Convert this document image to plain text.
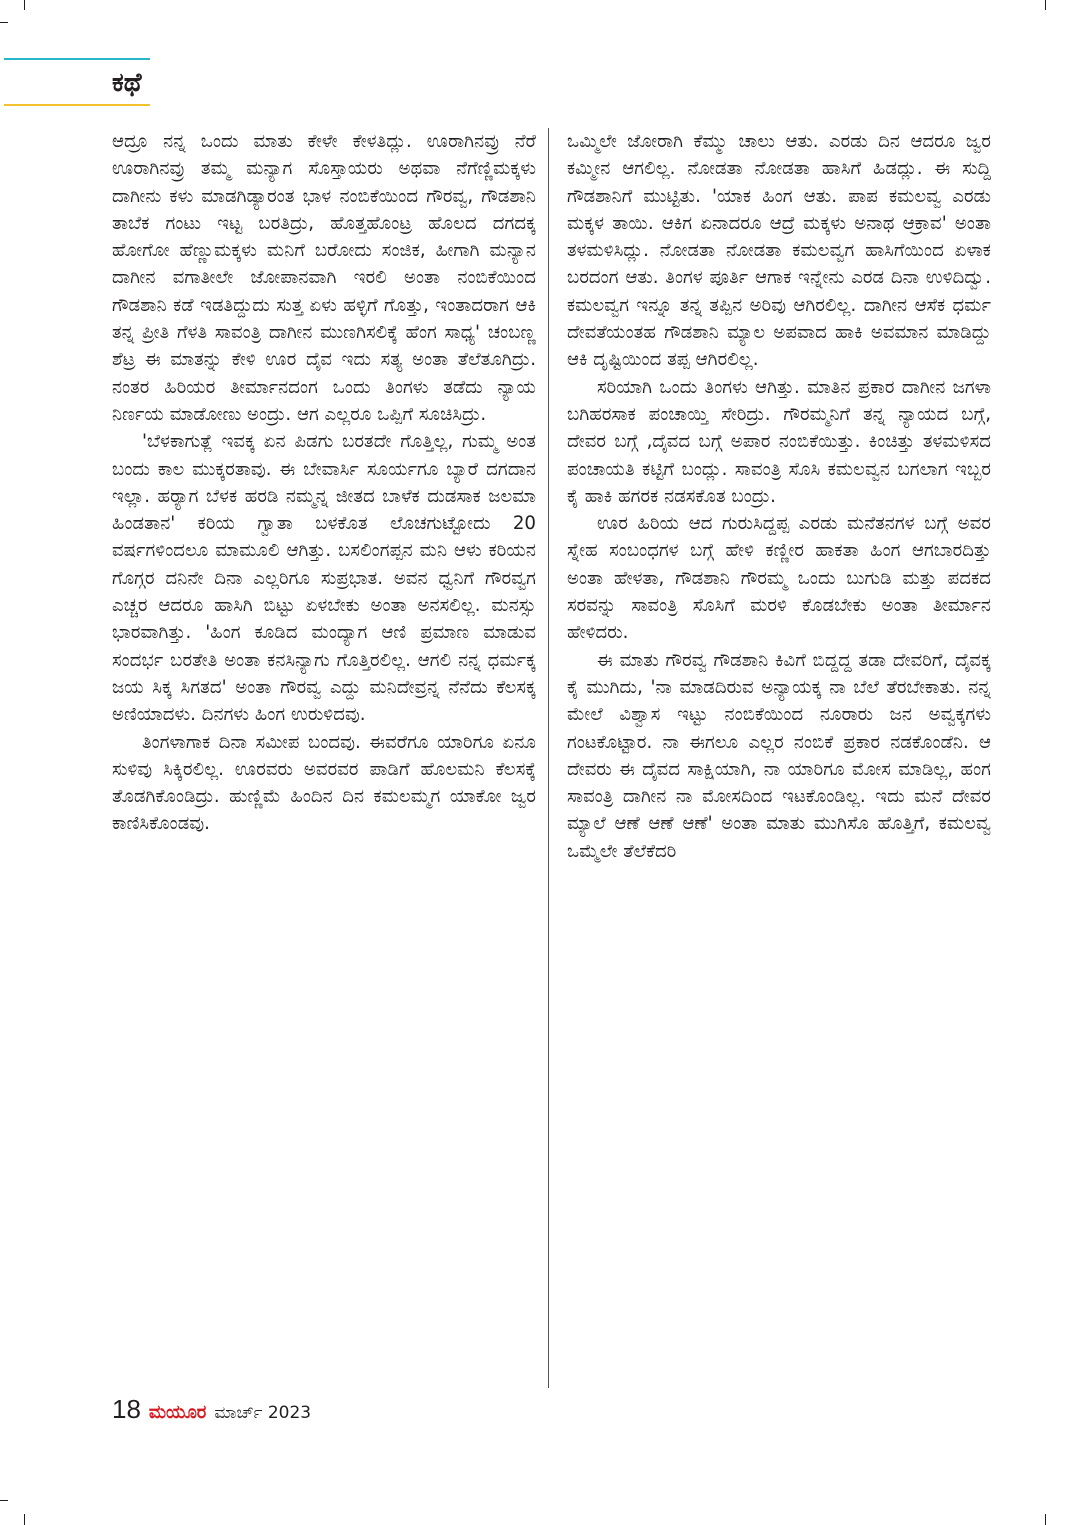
ಕಥೆ

ಆದ್ರೂ ನನ್ನ ಒಂದು ಮಾತು ಕೇಳೇ ಕೇಳತಿದ್ಲು. ಊರಾಗಿನವ್ರು ನೆರೆ ಊರಾಗಿನವ್ರು ತಮ್ಮ ಮನ್ಯಾಗ ಸೊಸ್ತಾಯರು ಅಥವಾ ನೆಗೆಣ್ಣಿಮಕ್ಕಳು ದಾಗೀನು ಕಳು ಮಾಡಗಿಡ್ಯಾರಂತ ಭಾಳ ನಂಬಿಕೆಯಿಂದ ಗೌರವ್ವ, ಗೌಡಶಾನಿ ತಾಬೆಕ ಗಂಟು ಇಟ್ಟ ಬರತಿದ್ರು, ಹೊತ್ತಹೊಂಟ್ರ ಹೊಲದ ದಗದಕ್ಕ ಹೋಗೋ ಹೆಣ್ಣುಮಕ್ಕಳು ಮನಿಗೆ ಬರೋದು ಸಂಜಿಕ, ಹೀಗಾಗಿ ಮನ್ಯಾನ ದಾಗೀನ ವಗಾತೀಲೇ ಜೋಪಾನವಾಗಿ ಇರಲಿ ಅಂತಾ ನಂಬಿಕೆಯಿಂದ ಗೌಡಶಾನಿ ಕಡೆ ಇಡತಿದ್ದುದು ಸುತ್ತ ಏಳು ಹಳ್ಳಿಗೆ ಗೊತ್ತು, ಇಂತಾದರಾಗ ಆಕಿ ತನ್ನ ಪ್ರೀತಿ ಗೆಳತಿ ಸಾವಂತ್ರಿ ದಾಗೀನ ಮುಣಗಿಸಲಿಕ್ಕೆ ಹೆಂಗ ಸಾಧ್ಯ' ಚಂಬಣ್ಣ ಶೆಟ್ರ ಈ ಮಾತನ್ನು ಕೇಳಿ ಊರ ದೈವ ಇದು ಸತ್ಯ ಅಂತಾ ತೆಲೆತೂಗಿದ್ರು. ನಂತರ ಹಿರಿಯರ ತೀರ್ಮಾನದಂಗ ಒಂದು ತಿಂಗಳು ತಡೆದು ನ್ಯಾಯ ನಿರ್ಣಯ ಮಾಡೋಣು ಅಂದ್ರು. ಆಗ ಎಲ್ಲರೂ ಒಪ್ಪಿಗೆ ಸೂಚಿಸಿದ್ರು.

'ಬೆಳಕಾಗುತ್ಲೆ ಇವಕ್ಕ ಏನ ಪಿಡಗು ಬರತದೇ ಗೊತ್ತಿಲ್ಲ, ಗುಮ್ಮ ಅಂತ ಬಂದು ಕಾಲ ಮುಕ್ಕರತಾವು. ಈ ಬೇವಾರ್ಸಿ ಸೂರ್ಯಗೂ ಬ್ಯಾರೆ ದಗದಾನ ಇಲ್ಲಾ. ಹರ್‍ಯಾಗ ಬೆಳಕ ಹರಡಿ ನಮ್ಮನ್ನ ಜೀತದ ಬಾಳೆಕ ದುಡಸಾಕ ಜಲಮಾ ಹಿಂಡತಾನ' ಕರಿಯ ಗ್ವಾತಾ ಬಳಕೊತ ಲೊಚಗುಟ್ಟೋದು 20 ವರ್ಷಗಳಿಂದಲೂ ಮಾಮೂಲಿ ಆಗಿತ್ತು. ಬಸಲಿಂಗಪ್ಪನ ಮನಿ ಆಳು ಕರಿಯನ ಗೊಗ್ಗರ ದನಿನೇ ದಿನಾ ಎಲ್ಲರಿಗೂ ಸುಪ್ರಭಾತ. ಅವನ ಧ್ವನಿಗೆ ಗೌರವ್ವಗ ಎಚ್ಚರ ಆದರೂ ಹಾಸಿಗಿ ಬಿಟ್ಟು ಏಳಬೇಕು ಅಂತಾ ಅನಸಲಿಲ್ಲ. ಮನಸ್ಸು ಭಾರವಾಗಿತ್ತು. 'ಹಿಂಗ ಕೂಡಿದ ಮಂದ್ಯಾಗ ಆಣಿ ಪ್ರಮಾಣ ಮಾಡುವ ಸಂದರ್ಭ ಬರತೇತಿ ಅಂತಾ ಕನಸಿನ್ಯಾಗು ಗೊತ್ತಿರಲಿಲ್ಲ. ಆಗಲಿ ನನ್ನ ಧರ್ಮಕ್ಕ ಜಯ ಸಿಕ್ಕ ಸಿಗತದ' ಅಂತಾ ಗೌರವ್ವ ಎದ್ದು ಮನಿದೇವ್ರನ್ನ ನೆನೆದು ಕೆಲಸಕ್ಕ ಅಣಿಯಾದಳು. ದಿನಗಳು ಹಿಂಗ ಉರುಳಿದವು.

ತಿಂಗಳಾಗಾಕ ದಿನಾ ಸಮೀಪ ಬಂದವು. ಈವರೆಗೂ ಯಾರಿಗೂ ಏನೂ ಸುಳಿವು ಸಿಕ್ಕಿರಲಿಲ್ಲ. ಊರವರು ಅವರವರ ಪಾಡಿಗೆ ಹೊಲಮನಿ ಕೆಲಸಕ್ಕೆ ತೊಡಗಿಕೊಂಡಿದ್ರು. ಹುಣ್ಣಿಮೆ ಹಿಂದಿನ ದಿನ ಕಮಲಮ್ಮಗ ಯಾಕೋ ಜ್ವರ ಕಾಣಿಸಿಕೊಂಡವು.

ಒಮ್ಮಿಲೇ ಜೋರಾಗಿ ಕೆಮ್ಮು ಚಾಲು ಆತು. ಎರಡು ದಿನ ಆದರೂ ಜ್ವರ ಕಮ್ಮೀನ ಆಗಲಿಲ್ಲ. ನೋಡತಾ ನೋಡತಾ ಹಾಸಿಗೆ ಹಿಡದ್ಲು. ಈ ಸುದ್ದಿ ಗೌಡಶಾನಿಗೆ ಮುಟ್ಟಿತು. 'ಯಾಕ ಹಿಂಗ ಆತು. ಪಾಪ ಕಮಲವ್ವ ಎರಡು ಮಕ್ಕಳ ತಾಯಿ. ಆಕಿಗ ಏನಾದರೂ ಆದ್ರೆ ಮಕ್ಕಳು ಅನಾಥ ಆಕ್ರಾವ' ಅಂತಾ ತಳಮಳಿಸಿದ್ಲು. ನೋಡತಾ ನೋಡತಾ ಕಮಲವ್ವಗ ಹಾಸಿಗೆಯಿಂದ ಏಳಾಕ ಬರದಂಗ ಆತು. ತಿಂಗಳ ಪೂರ್ತಿ ಆಗಾಕ ಇನ್ನೇನು ಎರಡ ದಿನಾ ಉಳಿದಿದ್ವು. ಕಮಲವ್ವಗ ಇನ್ನೂ ತನ್ನ ತಪ್ಪಿನ ಅರಿವು ಆಗಿರಲಿಲ್ಲ. ದಾಗೀನ ಆಸೆಕ ಧರ್ಮ ದೇವತೆಯಂತಹ ಗೌಡಶಾನಿ ಮ್ಯಾಲ ಅಪವಾದ ಹಾಕಿ ಅವಮಾನ ಮಾಡಿದ್ದು ಆಕಿ ದೃಷ್ಟಿಯಿಂದ ತಪ್ಪ ಆಗಿರಲಿಲ್ಲ.

ಸರಿಯಾಗಿ ಒಂದು ತಿಂಗಳು ಆಗಿತ್ತು. ಮಾತಿನ ಪ್ರಕಾರ ದಾಗೀನ ಜಗಳಾ ಬಗಿಹರಸಾಕ ಪಂಚಾಯ್ತಿ ಸೇರಿದ್ರು. ಗೌರಮ್ಮನಿಗೆ ತನ್ನ ನ್ಯಾಯದ ಬಗ್ಗೆ, ದೇವರ ಬಗ್ಗೆ ,ದೈವದ ಬಗ್ಗೆ ಅಪಾರ ನಂಬಿಕೆಯಿತ್ತು. ಕಿಂಚಿತ್ತು ತಳಮಳಿಸದ ಪಂಚಾಯತಿ ಕಟ್ಟಿಗೆ ಬಂದ್ಲು. ಸಾವಂತ್ರಿ ಸೊಸಿ ಕಮಲವ್ವನ ಬಗಲಾಗ ಇಬ್ಬರ ಕೈ ಹಾಕಿ ಹಗರಕ ನಡಸಕೊತ ಬಂದ್ರು.

ಊರ ಹಿರಿಯ ಆದ ಗುರುಸಿದ್ದಪ್ಪ ಎರಡು ಮನೆತನಗಳ ಬಗ್ಗೆ ಅವರ ಸ್ನೇಹ ಸಂಬಂಧಗಳ ಬಗ್ಗೆ ಹೇಳಿ ಕಣ್ಣೀರ ಹಾಕತಾ ಹಿಂಗ ಆಗಬಾರದಿತ್ತು ಅಂತಾ ಹೇಳತಾ, ಗೌಡಶಾನಿ ಗೌರಮ್ಮ ಒಂದು ಬುಗುಡಿ ಮತ್ತು ಪದಕದ ಸರವನ್ನು ಸಾವಂತ್ರಿ ಸೊಸಿಗೆ ಮರಳಿ ಕೊಡಬೇಕು ಅಂತಾ ತೀರ್ಮಾನ ಹೇಳಿದರು.

ಈ ಮಾತು ಗೌರವ್ವ ಗೌಡಶಾನಿ ಕಿವಿಗೆ ಬಿದ್ದದ್ದ ತಡಾ ದೇವರಿಗೆ, ದೈವಕ್ಕ ಕೈ ಮುಗಿದು, 'ನಾ ಮಾಡದಿರುವ ಅನ್ಯಾಯಕ್ಕ ನಾ ಬೆಲೆ ತೆರಬೇಕಾತು. ನನ್ನ ಮೇಲೆ ವಿಶ್ವಾಸ ಇಟ್ಟು ನಂಬಿಕೆಯಿಂದ ನೂರಾರು ಜನ ಅವ್ವಕ್ಕಗಳು ಗಂಟಕೊಟ್ಟಾರ. ನಾ ಈಗಲೂ ಎಲ್ಲರ ನಂಬಿಕೆ ಪ್ರಕಾರ ನಡಕೊಂಡೆನಿ. ಆ ದೇವರು ಈ ದೈವದ ಸಾಕ್ಷಿಯಾಗಿ, ನಾ ಯಾರಿಗೂ ಮೋಸ ಮಾಡಿಲ್ಲ, ಹಂಗ ಸಾವಂತ್ರಿ ದಾಗೀನ ನಾ ಮೋಸದಿಂದ ಇಟಕೊಂಡಿಲ್ಲ. ಇದು ಮನೆ ದೇವರ ಮ್ಯಾಲೆ ಆಣೆ ಆಣೆ ಆಣೆ' ಅಂತಾ ಮಾತು ಮುಗಿಸೊ ಹೊತ್ತಿಗೆ, ಕಮಲವ್ವ ಒಮ್ಮೆಲೇ ತೆಲೆಕೆದರಿ

18 ಮಯೂರ ಮಾರ್ಚ್ 2023
